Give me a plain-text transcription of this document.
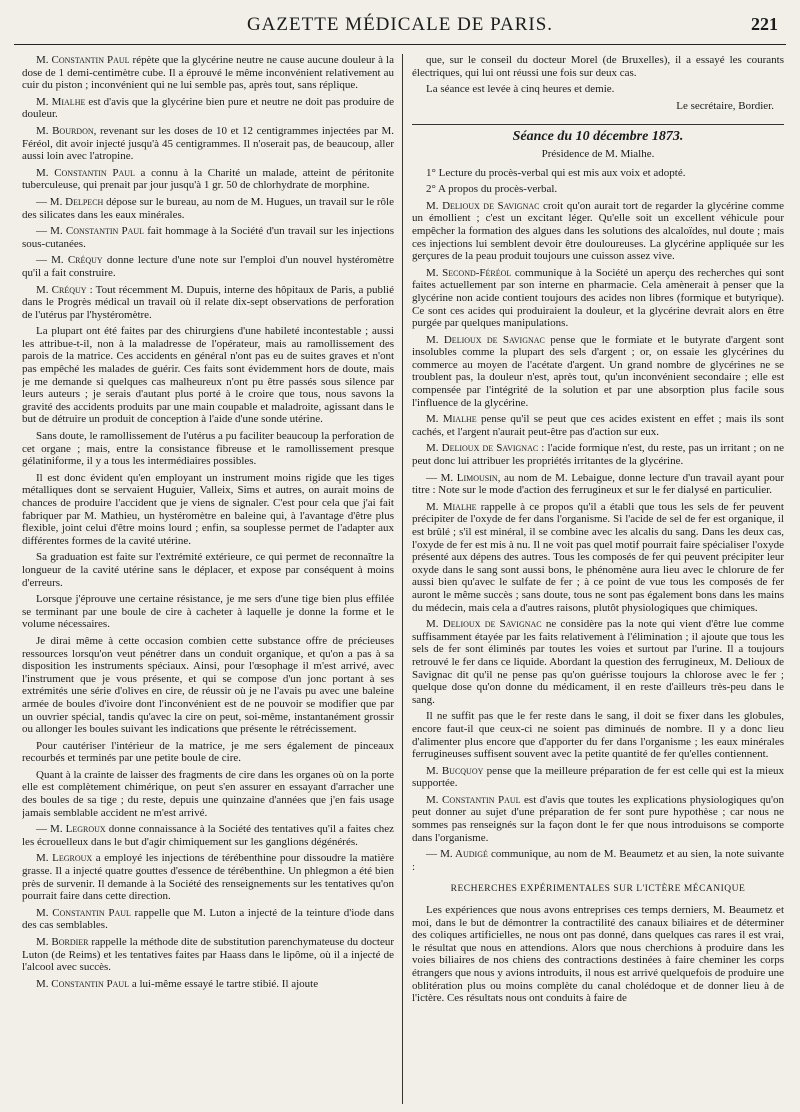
GAZETTE MÉDICALE DE PARIS.	221

M. Constantin Paul répète que la glycérine neutre ne cause aucune douleur à la dose de 1 demi-centimètre cube. Il a éprouvé le même inconvénient relativement au cuir du piston ; inconvénient qui ne lui semble pas, après tout, sans réplique.

M. Mialhe est d'avis que la glycérine bien pure et neutre ne doit pas produire de douleur.

M. Bourdon, revenant sur les doses de 10 et 12 centigrammes injectées par M. Féréol, dit avoir injecté jusqu'à 45 centigrammes. Il n'oserait pas, de beaucoup, aller aussi loin avec l'atropine.

M. Constantin Paul a connu à la Charité un malade, atteint de péritonite tuberculeuse, qui prenait par jour jusqu'à 1 gr. 50 de chlorhydrate de morphine.

— M. Delpech dépose sur le bureau, au nom de M. Hugues, un travail sur le rôle des silicates dans les eaux minérales.

— M. Constantin Paul fait hommage à la Société d'un travail sur les injections sous-cutanées.

— M. Créquy donne lecture d'une note sur l'emploi d'un nouvel hystéromètre qu'il a fait construire.

M. Créquy : Tout récemment M. Dupuis, interne des hôpitaux de Paris, a publié dans le Progrès médical un travail où il relate dix-sept observations de perforation de l'utérus par l'hystéromètre.

La plupart ont été faites par des chirurgiens d'une habileté incontestable ; aussi les attribue-t-il, non à la maladresse de l'opérateur, mais au ramollissement des parois de la matrice. Ces accidents en général n'ont pas eu de suites graves et n'ont pas empêché les malades de guérir. Ces faits sont évidemment hors de doute, mais je me demande si quelques cas malheureux n'ont pu être passés sous silence par leurs auteurs ; je serais d'autant plus porté à le croire que tous, nous savons la gravité des accidents produits par une main coupable et maladroite, agissant dans le but de détruire un produit de conception à l'aide d'une sonde utérine.

Sans doute, le ramollissement de l'utérus a pu faciliter beaucoup la perforation de cet organe ; mais, entre la consistance fibreuse et le ramollissement presque gélatiniforme, il y a tous les intermédiaires possibles.

Il est donc évident qu'en employant un instrument moins rigide que les tiges métalliques dont se servaient Huguier, Valleix, Sims et autres, on aurait moins de chances de produire l'accident que je viens de signaler. C'est pour cela que j'ai fait fabriquer par M. Mathieu, un hystéromètre en baleine qui, à l'avantage d'être plus flexible, joint celui d'être moins lourd ; enfin, sa souplesse permet de l'adapter aux différentes formes de la cavité utérine.

Sa graduation est faite sur l'extrémité extérieure, ce qui permet de reconnaître la longueur de la cavité utérine sans le déplacer, et expose par conséquent à moins d'erreurs.

Lorsque j'éprouve une certaine résistance, je me sers d'une tige bien plus effilée se terminant par une boule de cire à cacheter à laquelle je donne la forme et le volume nécessaires.

Je dirai même à cette occasion combien cette substance offre de précieuses ressources lorsqu'on veut pénétrer dans un conduit organique, et qu'on a pas à sa disposition les instruments spéciaux. Ainsi, pour l'œsophage il m'est arrivé, avec l'instrument que je vous présente, et qui se compose d'un jonc portant à ses extrémités une série d'olives en cire, de réussir où je ne l'avais pu avec une baleine armée de boules d'ivoire dont l'inconvénient est de ne pouvoir se modifier que par un ouvrier spécial, tandis qu'avec la cire on peut, soi-même, instantanément grossir ou allonger les boules suivant les indications que présente le rétrécissement.

Pour cautériser l'intérieur de la matrice, je me sers également de pinceaux recourbés et terminés par une petite boule de cire.

Quant à la crainte de laisser des fragments de cire dans les organes où on la porte elle est complètement chimérique, on peut s'en assurer en essayant d'arracher une des boules de sa tige ; du reste, depuis une quinzaine d'années que j'en fais usage jamais semblable accident ne m'est arrivé.

— M. Legroux donne connaissance à la Société des tentatives qu'il a faites chez les écrouelleux dans le but d'agir chimiquement sur les ganglions dégénérés.

M. Legroux a employé les injections de térébenthine pour dissoudre la matière grasse. Il a injecté quatre gouttes d'essence de térébenthine. Un phlegmon a été bien près de survenir. Il demande à la Société des renseignements sur les tentatives qu'on pourrait faire dans cette direction.

M. Constantin Paul rappelle que M. Luton a injecté de la teinture d'iode dans des cas semblables.

M. Bordier rappelle la méthode dite de substitution parenchymateuse du docteur Luton (de Reims) et les tentatives faites par Haass dans le lipôme, où il a injecté de l'alcool avec succès.

M. Constantin Paul a lui-même essayé le tartre stibié. Il ajoute

que, sur le conseil du docteur Morel (de Bruxelles), il a essayé les courants électriques, qui lui ont réussi une fois sur deux cas.

La séance est levée à cinq heures et demie.

Le secrétaire, Bordier.

Séance du 10 décembre 1873.

Présidence de M. Mialhe.

1° Lecture du procès-verbal qui est mis aux voix et adopté.

2° A propos du procès-verbal.

M. Delioux de Savignac croit qu'on aurait tort de regarder la glycérine comme un émollient ; c'est un excitant léger. Qu'elle soit un excellent véhicule pour empêcher la formation des algues dans les solutions des alcaloïdes, nul doute ; mais ces injections lui semblent devoir être douloureuses. La glycérine appliquée sur les gerçures de la peau produit toujours une cuisson assez vive.

M. Second-Féréol communique à la Société un aperçu des recherches qui sont faites actuellement par son interne en pharmacie. Cela amènerait à penser que la glycérine non acide contient toujours des acides non libres (formique et butyrique). Ce sont ces acides qui produiraient la douleur, et la glycérine devrait alors en être purgée par quelques manipulations.

M. Delioux de Savignac pense que le formiate et le butyrate d'argent sont insolubles comme la plupart des sels d'argent ; or, on essaie les glycérines du commerce au moyen de l'acétate d'argent. Un grand nombre de glycérines ne se troublent pas, la douleur n'est, après tout, qu'un inconvénient secondaire ; elle est compensée par l'intégrité de la solution et par une absorption plus facile sous l'influence de la glycérine.

M. Mialhe pense qu'il se peut que ces acides existent en effet ; mais ils sont cachés, et l'argent n'aurait peut-être pas d'action sur eux.

M. Delioux de Savignac : l'acide formique n'est, du reste, pas un irritant ; on ne peut donc lui attribuer les propriétés irritantes de la glycérine.

— M. Limousin, au nom de M. Lebaigue, donne lecture d'un travail ayant pour titre : Note sur le mode d'action des ferrugineux et sur le fer dialysé en particulier.

M. Mialhe rappelle à ce propos qu'il a établi que tous les sels de fer peuvent précipiter de l'oxyde de fer dans l'organisme. Si l'acide de sel de fer est organique, il est brûlé ; s'il est minéral, il se combine avec les alcalis du sang. Dans les deux cas, l'oxyde de fer est mis à nu. Il ne voit pas quel motif pourrait faire spécialiser l'oxyde présenté aux dépens des autres. Tous les composés de fer qui peuvent précipiter leur oxyde dans le sang sont aussi bons, le phénomène aura lieu avec le chlorure de fer aussi bien qu'avec le sulfate de fer ; à ce point de vue tous les composés de fer auront le même succès ; sans doute, tous ne sont pas également bons dans les mains du médecin, mais cela a d'autres raisons, plutôt physiologiques que chimiques.

M. Delioux de Savignac ne considère pas la note qui vient d'être lue comme suffisamment étayée par les faits relativement à l'élimination ; il ajoute que tous les sels de fer sont éliminés par toutes les voies et surtout par l'urine. Il a toujours retrouvé le fer dans ce liquide. Abordant la question des ferrugineux, M. Delioux de Savignac dit qu'il ne pense pas qu'on guérisse toujours la chlorose avec le fer ; quelque dose qu'on donne du médicament, il en reste d'ailleurs très-peu dans le sang.

Il ne suffit pas que le fer reste dans le sang, il doit se fixer dans les globules, encore faut-il que ceux-ci ne soient pas diminués de nombre. Il y a donc lieu d'alimenter plus encore que d'apporter du fer dans l'organisme ; les eaux minérales ferrugineuses suffisent souvent avec la petite quantité de fer qu'elles contiennent.

M. Bucquoy pense que la meilleure préparation de fer est celle qui est la mieux supportée.

M. Constantin Paul est d'avis que toutes les explications physiologiques qu'on peut donner au sujet d'une préparation de fer sont pure hypothèse ; car nous ne sommes pas renseignés sur la façon dont le fer que nous introduisons se comporte dans l'organisme.

— M. Audigé communique, au nom de M. Beaumetz et au sien, la note suivante :

RECHERCHES EXPÉRIMENTALES SUR L'ICTÈRE MÉCANIQUE

Les expériences que nous avons entreprises ces temps derniers, M. Beaumetz et moi, dans le but de démontrer la contractilité des canaux biliaires et de déterminer des coliques artificielles, ne nous ont pas donné, dans quelques cas rares il est vrai, le résultat que nous en attendions. Alors que nous cherchions à produire dans les voies biliaires de nos chiens des contractions destinées à faire cheminer les corps étrangers que nous y avions introduits, il nous est arrivé quelquefois de produire une oblitération plus ou moins complète du canal cholédoque et de donner lieu à de l'ictère. Ces résultats nous ont conduits à faire de
